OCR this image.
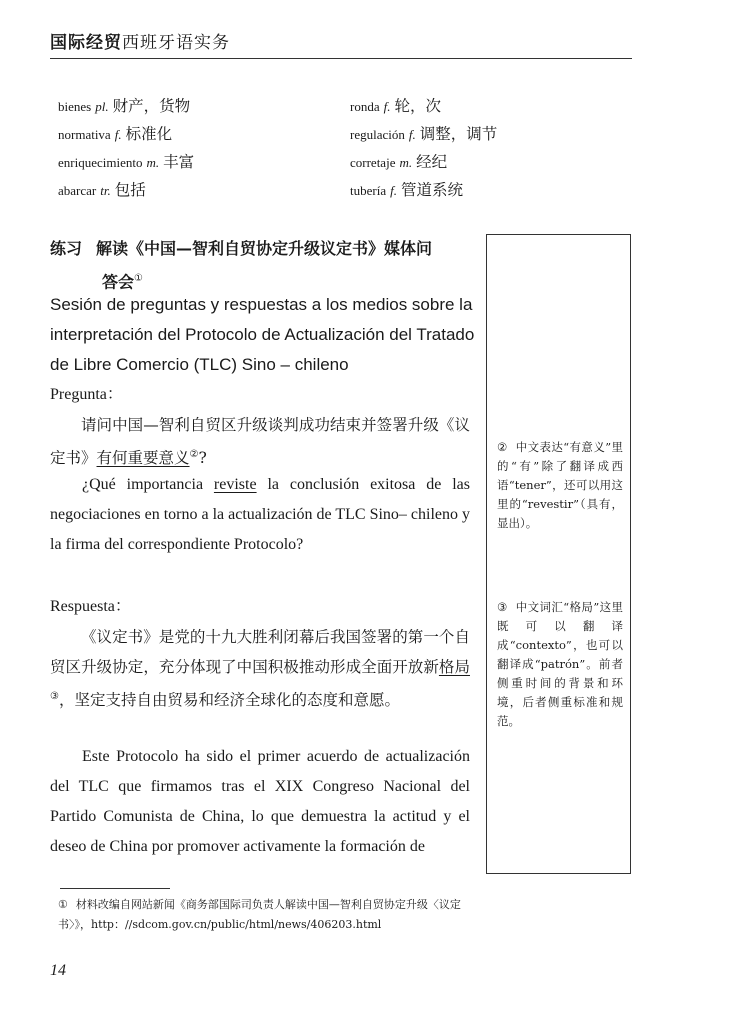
国际经贸西班牙语实务
bienes pl. 财产，货物	ronda f. 轮，次
normativa f. 标准化	regulación f. 调整，调节
enriquecimiento m. 丰富	corretaje m. 经纪
abarcar tr. 包括	tubería f. 管道系统
练习 解读《中国—智利自贸协定升级议定书》媒体问
答会①
Sesión de preguntas y respuestas a los medios sobre la interpretación del Protocolo de Actualización del Tratado de Libre Comercio (TLC) Sino – chileno
Pregunta：
请问中国—智利自贸区升级谈判成功结束并签署升级《议定书》有何重要意义②?
¿Qué importancia reviste la conclusión exitosa de las negociaciones en torno a la actualización de TLC Sino– chileno y la firma del correspondiente Protocolo?
Respuesta：
《议定书》是党的十九大胜利闭幕后我国签署的第一个自贸区升级协定，充分体现了中国积极推动形成全面开放新格局③，坚定支持自由贸易和经济全球化的态度和意愿。
Este Protocolo ha sido el primer acuerdo de actualización del TLC que firmamos tras el XIX Congreso Nacional del Partido Comunista de China, lo que demuestra la actitud y el deseo de China por promover activamente la formación de
② 中文表达“有意义”里的“有”除了翻译成西语“tener”，还可以用这里的“revestir”（具有，显出）。
③ 中文词汇“格局”这里既可以翻译成“contexto”，也可以翻译成“patrón”。前者侧重时间的背景和环境，后者侧重标准和规范。
① 材料改编自网站新闻《商务部国际司负责人解读中国—智利自贸协定升级〈议定书〉》，http：//sdcom.gov.cn/public/html/news/406203.html
14
